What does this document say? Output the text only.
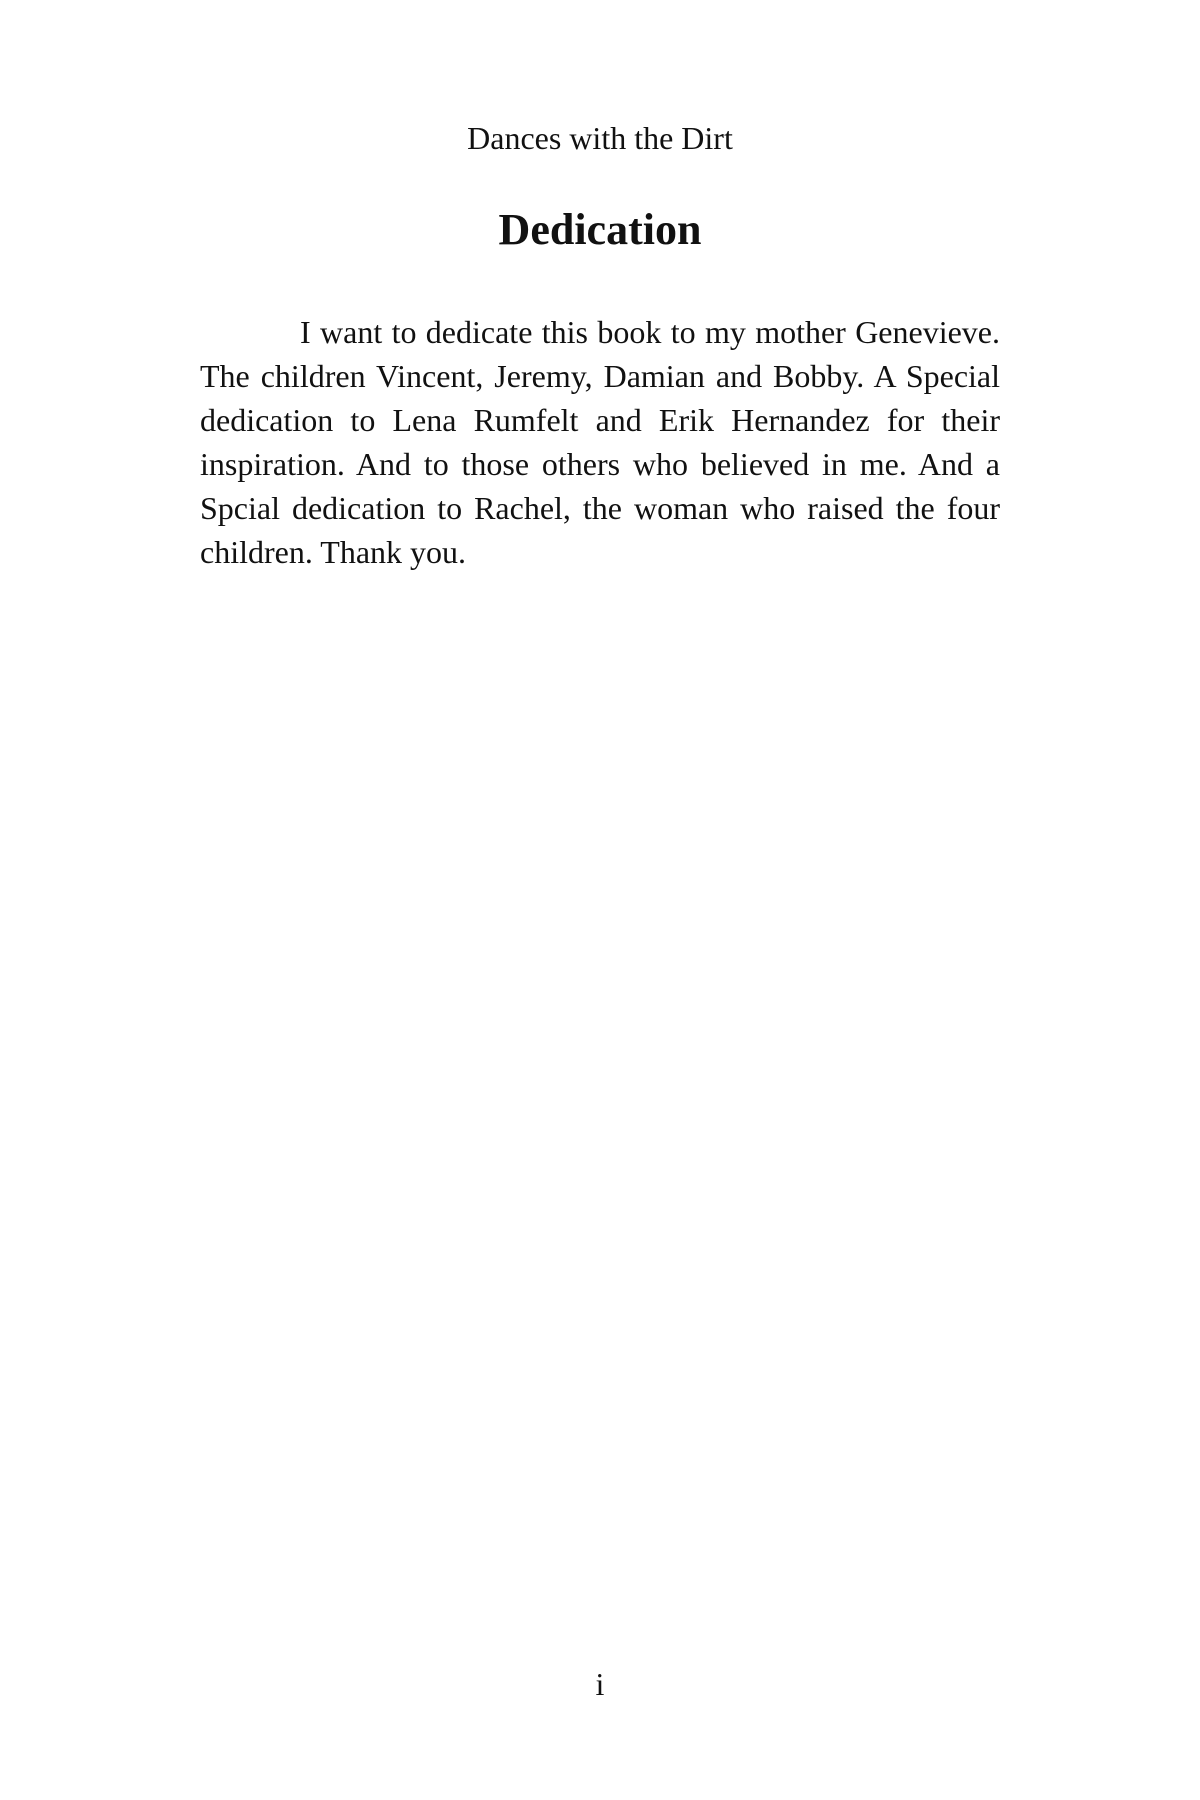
Dances with the Dirt
Dedication

I want to dedicate this book to my mother Genevieve. The children Vincent, Jeremy, Damian and Bobby. A Special dedication to Lena Rumfelt and Erik Hernandez for their inspiration. And to those others who believed in me. And a Spcial dedication to Rachel, the woman who raised the four children. Thank you.

i
